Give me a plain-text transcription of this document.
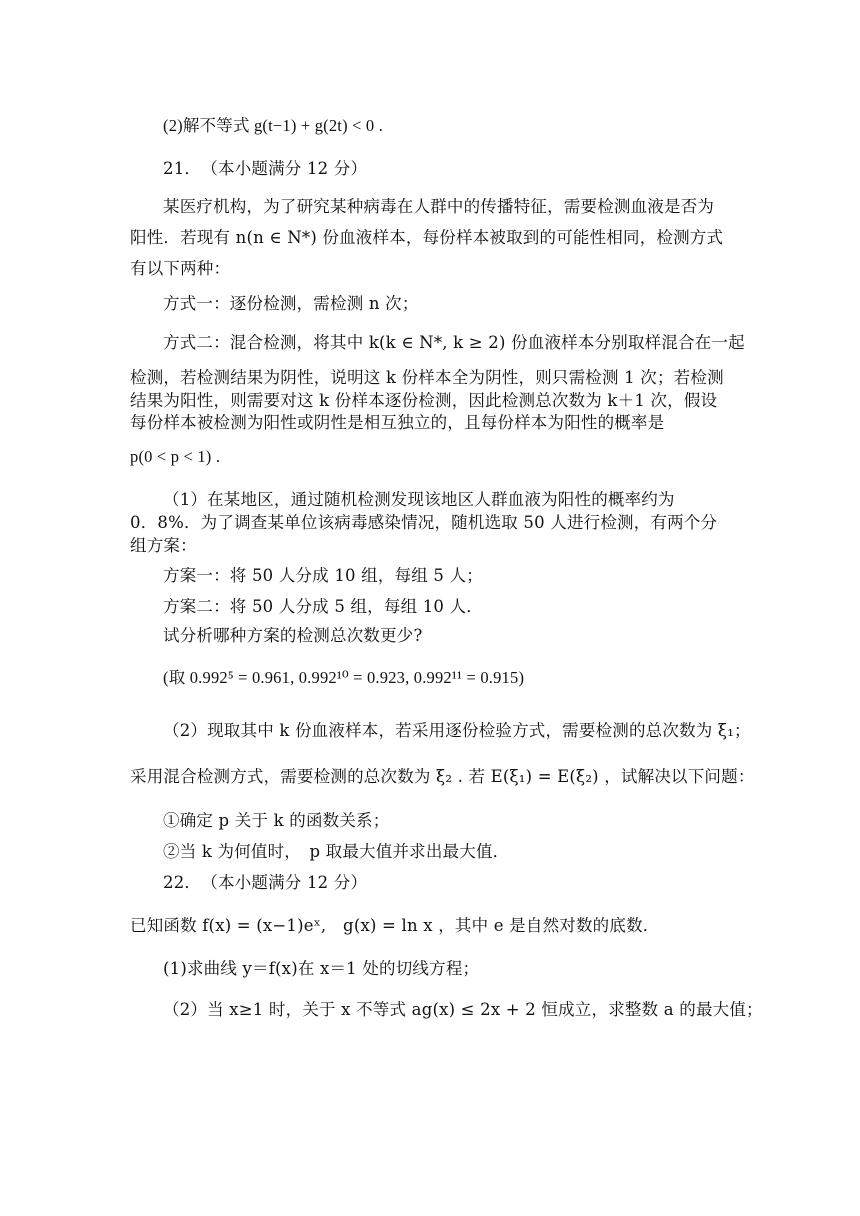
(2)解不等式 g(t−1) + g(2t) < 0 .
21．　（本小题满分 12 分）
某医疗机构，为了研究某种病毒在人群中的传播特征，需要检测血液是否为
阳性．若现有 n(n ∈ N*) 份血液样本，每份样本被取到的可能性相同，检测方式
有以下两种：
方式一：逐份检测，需检测 n 次；
方式二：混合检测，将其中 k(k ∈ N*, k ≥ 2) 份血液样本分别取样混合在一起
检测，若检测结果为阴性，说明这 k 份样本全为阴性，则只需检测 1 次；若检测
结果为阳性，则需要对这 k 份样本逐份检测，因此检测总次数为 k＋1 次，假设
每份样本被检测为阳性或阴性是相互独立的，且每份样本为阳性的概率是
p(0 < p < 1) .
（1）在某地区，通过随机检测发现该地区人群血液为阳性的概率约为
0．8%．为了调查某单位该病毒感染情况，随机选取 50 人进行检测，有两个分
组方案：
方案一：将 50 人分成 10 组，每组 5 人；
方案二：将 50 人分成 5 组，每组 10 人．
试分析哪种方案的检测总次数更少?
(取 0.992⁵ = 0.961, 0.992¹⁰ = 0.923, 0.992¹¹ = 0.915)
（2）现取其中 k 份血液样本，若采用逐份检验方式，需要检测的总次数为 ξ₁；
采用混合检测方式，需要检测的总次数为 ξ₂ . 若 E(ξ₁) = E(ξ₂) ，试解决以下问题：
①确定 p 关于 k 的函数关系；
②当 k 为何值时，　p 取最大值并求出最大值．
22．　（本小题满分 12 分）
已知函数 f(x) = (x−1)eˣ,　g(x) = ln x ，其中 e 是自然对数的底数．
(1)求曲线 y＝f(x)在 x＝1 处的切线方程；
（2）当 x≥1 时，关于 x 不等式 ag(x) ≤ 2x + 2 恒成立，求整数 a 的最大值；
